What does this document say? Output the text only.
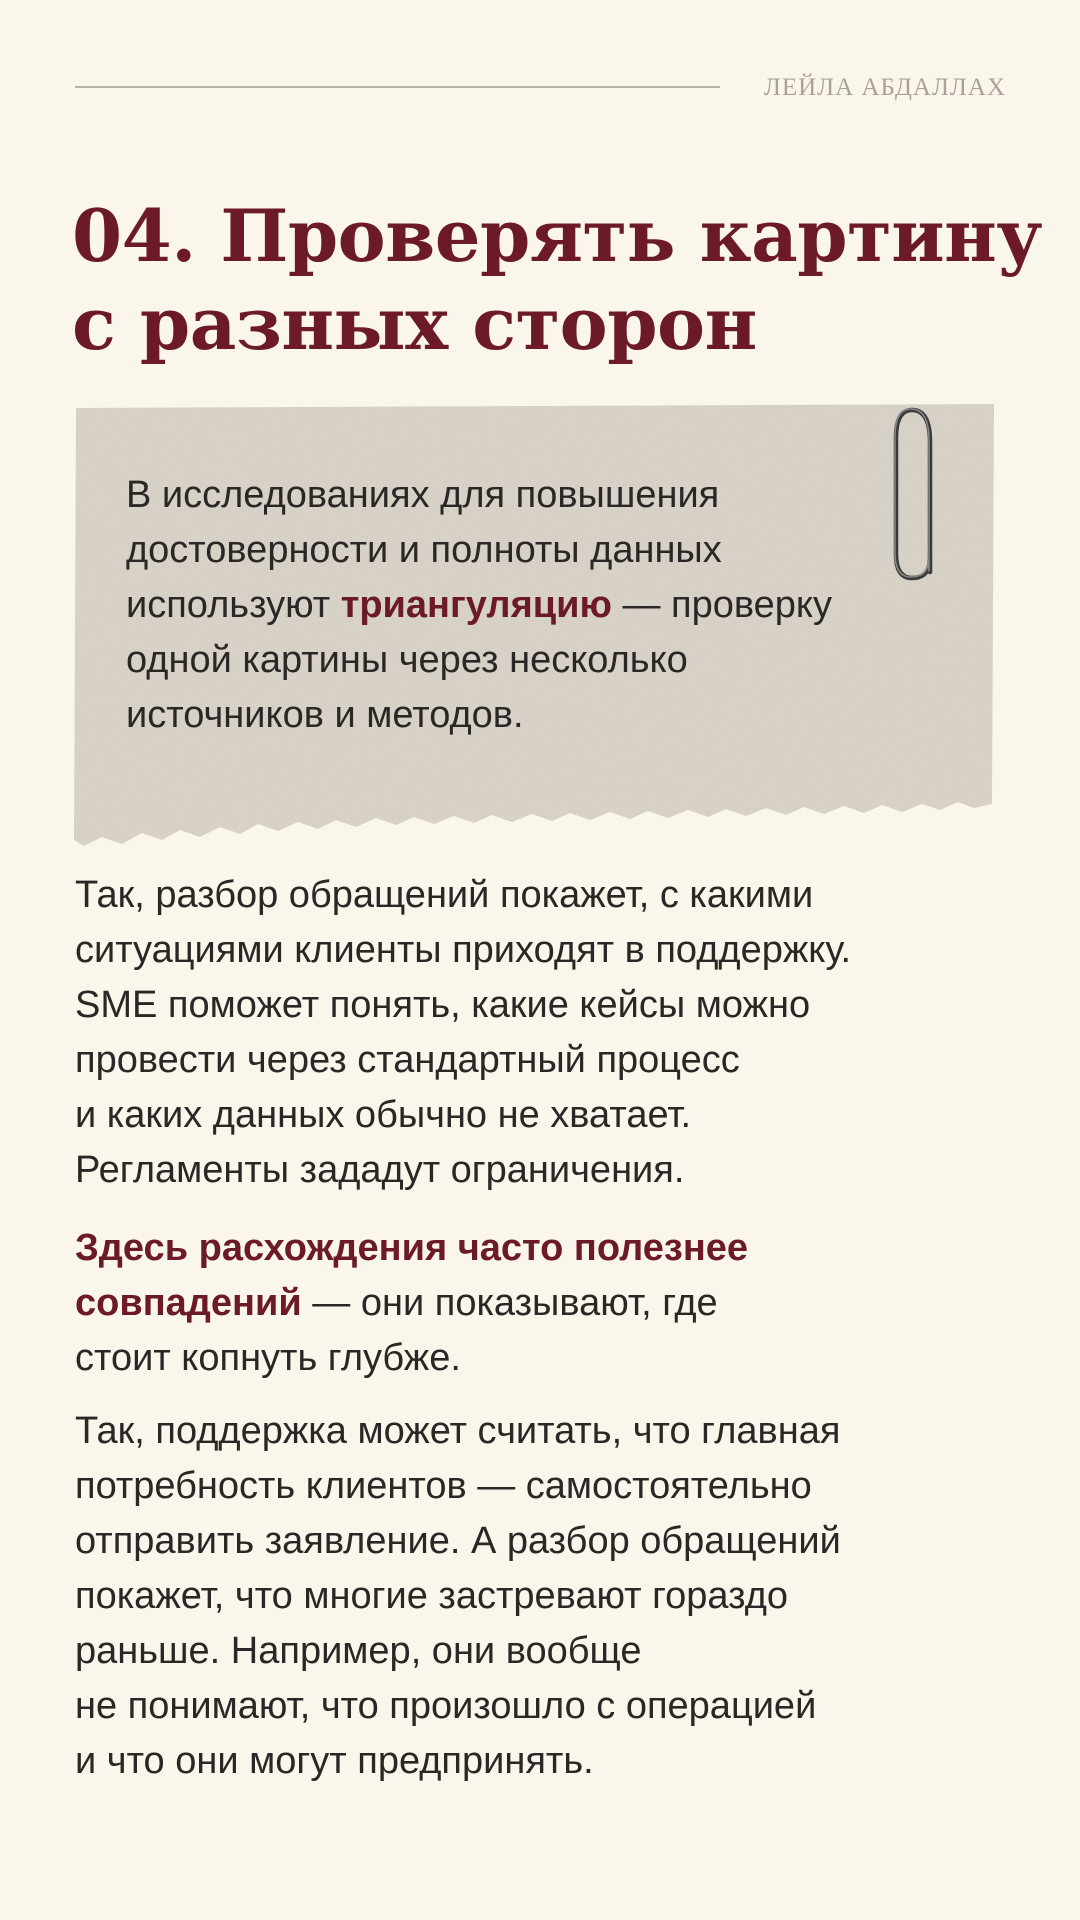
ЛЕЙЛА АБДАЛЛАХ
04. Проверять картину
с разных сторон

В исследованиях для повышения
достоверности и полноты данных
используют триангуляцию — проверку
одной картины через несколько
источников и методов.

Так, разбор обращений покажет, с какими
ситуациями клиенты приходят в поддержку.
SME поможет понять, какие кейсы можно
провести через стандартный процесс
и каких данных обычно не хватает.
Регламенты зададут ограничения.

Здесь расхождения часто полезнее
совпадений — они показывают, где
стоит копнуть глубже.

Так, поддержка может считать, что главная
потребность клиентов — самостоятельно
отправить заявление. А разбор обращений
покажет, что многие застревают гораздо
раньше. Например, они вообще
не понимают, что произошло с операцией
и что они могут предпринять.
